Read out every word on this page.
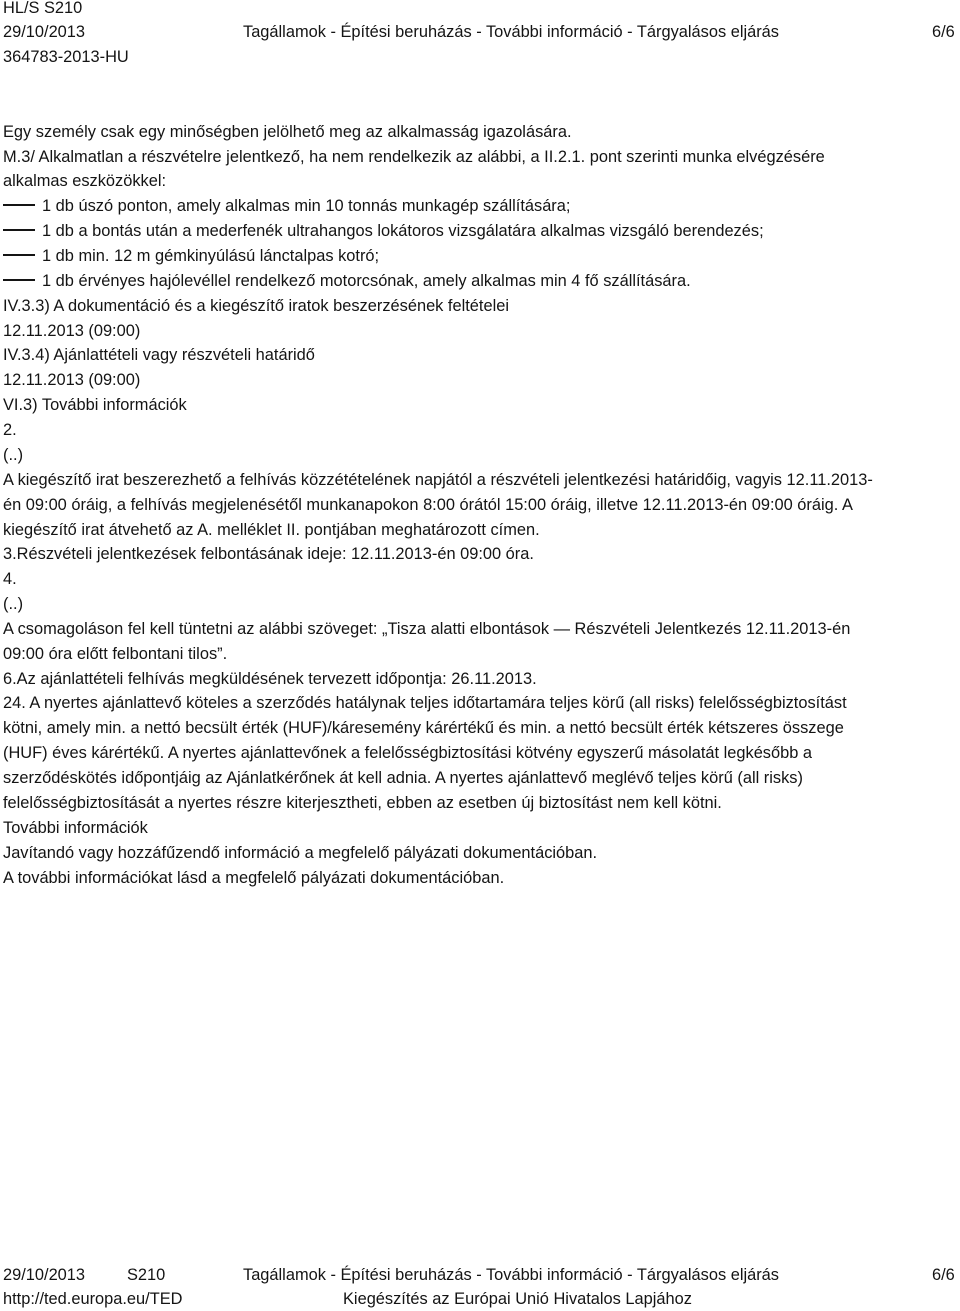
HL/S S210
29/10/2013	Tagállamok - Építési beruházás - További információ - Tárgyalásos eljárás	6/6
364783-2013-HU
Egy személy csak egy minőségben jelölhető meg az alkalmasság igazolására.
M.3/ Alkalmatlan a részvételre jelentkező, ha nem rendelkezik az alábbi, a II.2.1. pont szerinti munka elvégzésére
alkalmas eszközökkel:
1 db úszó ponton, amely alkalmas min 10 tonnás munkagép szállítására;
1 db a bontás után a mederfenék ultrahangos lokátoros vizsgálatára alkalmas vizsgáló berendezés;
1 db min. 12 m gémkinyúlású lánctalpas kotró;
1 db érvényes hajólevéllel rendelkező motorcsónak, amely alkalmas min 4 fő szállítására.
IV.3.3) A dokumentáció és a kiegészítő iratok beszerzésének feltételei
12.11.2013 (09:00)
IV.3.4) Ajánlattételi vagy részvételi határidő
12.11.2013 (09:00)
VI.3) További információk
2.
(..)
A kiegészítő irat beszerezhető a felhívás közzétételének napjától a részvételi jelentkezési határidőig, vagyis 12.11.2013-
én 09:00 óráig, a felhívás megjelenésétől munkanapokon 8:00 órától 15:00 óráig, illetve 12.11.2013-én 09:00 óráig. A
kiegészítő irat átvehető az A. melléklet II. pontjában meghatározott címen.
3.Részvételi jelentkezések felbontásának ideje: 12.11.2013-én 09:00 óra.
4.
(..)
A csomagoláson fel kell tüntetni az alábbi szöveget: „Tisza alatti elbontások — Részvételi Jelentkezés 12.11.2013-én
09:00 óra előtt felbontani tilos”.
6.Az ajánlattételi felhívás megküldésének tervezett időpontja: 26.11.2013.
24. A nyertes ajánlattevő köteles a szerződés hatálynak teljes időtartamára teljes körű (all risks) felelősségbiztosítást
kötni, amely min. a nettó becsült érték (HUF)/káresemény kárértékű és min. a nettó becsült érték kétszeres összege
(HUF) éves kárértékű. A nyertes ajánlattevőnek a felelősségbiztosítási kötvény egyszerű másolatát legkésőbb a
szerződéskötés időpontjáig az Ajánlatkérőnek át kell adnia. A nyertes ajánlattevő meglévő teljes körű (all risks)
felelősségbiztosítását a nyertes részre kiterjesztheti, ebben az esetben új biztosítást nem kell kötni.
További információk
Javítandó vagy hozzáfűzendő információ a megfelelő pályázati dokumentációban.
A további információkat lásd a megfelelő pályázati dokumentációban.
29/10/2013	S210	Tagállamok - Építési beruházás - További információ - Tárgyalásos eljárás	6/6
http://ted.europa.eu/TED	Kiegészítés az Európai Unió Hivatalos Lapjához
